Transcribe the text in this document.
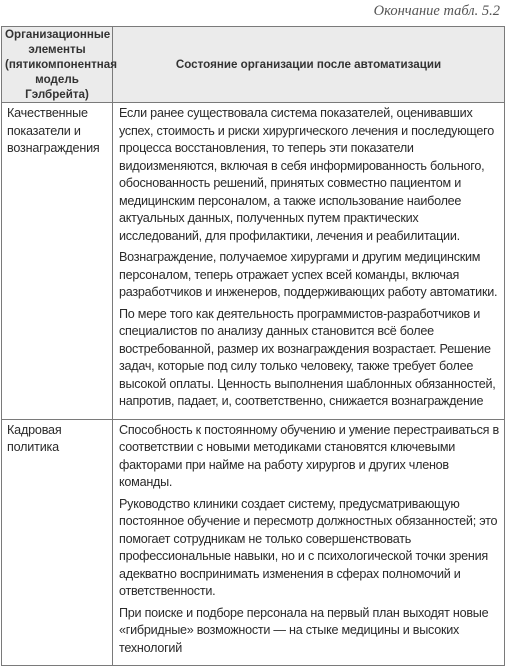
Окончание табл. 5.2
Организационные элементы (пятикомпонентная модель Гэлбрейта)	Состояние организации после автоматизации
Качественные показатели и вознаграждения	Если ранее существовала система показателей, оценивавших успех, стоимость и риски хирургического лечения и последующего процесса восстановления, то теперь эти показатели видоизменяются, включая в себя информированность больного, обоснованность решений, принятых совместно пациентом и медицинским персоналом, а также использование наиболее актуальных данных, полученных путем практических исследований, для профилактики, лечения и реабилитации.

Вознаграждение, получаемое хирургами и другим медицинским персоналом, теперь отражает успех всей команды, включая разработчиков и инженеров, поддерживающих работу автоматики.

По мере того как деятельность программистов-разработчиков и специалистов по анализу данных становится всё более востребованной, размер их вознаграждения возрастает. Решение задач, которые под силу только человеку, также требует более высокой оплаты. Ценность выполнения шаблонных обязанностей, напротив, падает, и, соответственно, снижается вознаграждение

Кадровая политика	Способность к постоянному обучению и умение перестраиваться в соответствии с новыми методиками становятся ключевыми факторами при найме на работу хирургов и других членов команды.

Руководство клиники создает систему, предусматривающую постоянное обучение и пересмотр должностных обязанностей; это помогает сотрудникам не только совершенствовать профессиональные навыки, но и с психологической точки зрения адекватно воспринимать изменения в сферах полномочий и ответственности.

При поиске и подборе персонала на первый план выходят новые «гибридные» возможности — на стыке медицины и высоких технологий
